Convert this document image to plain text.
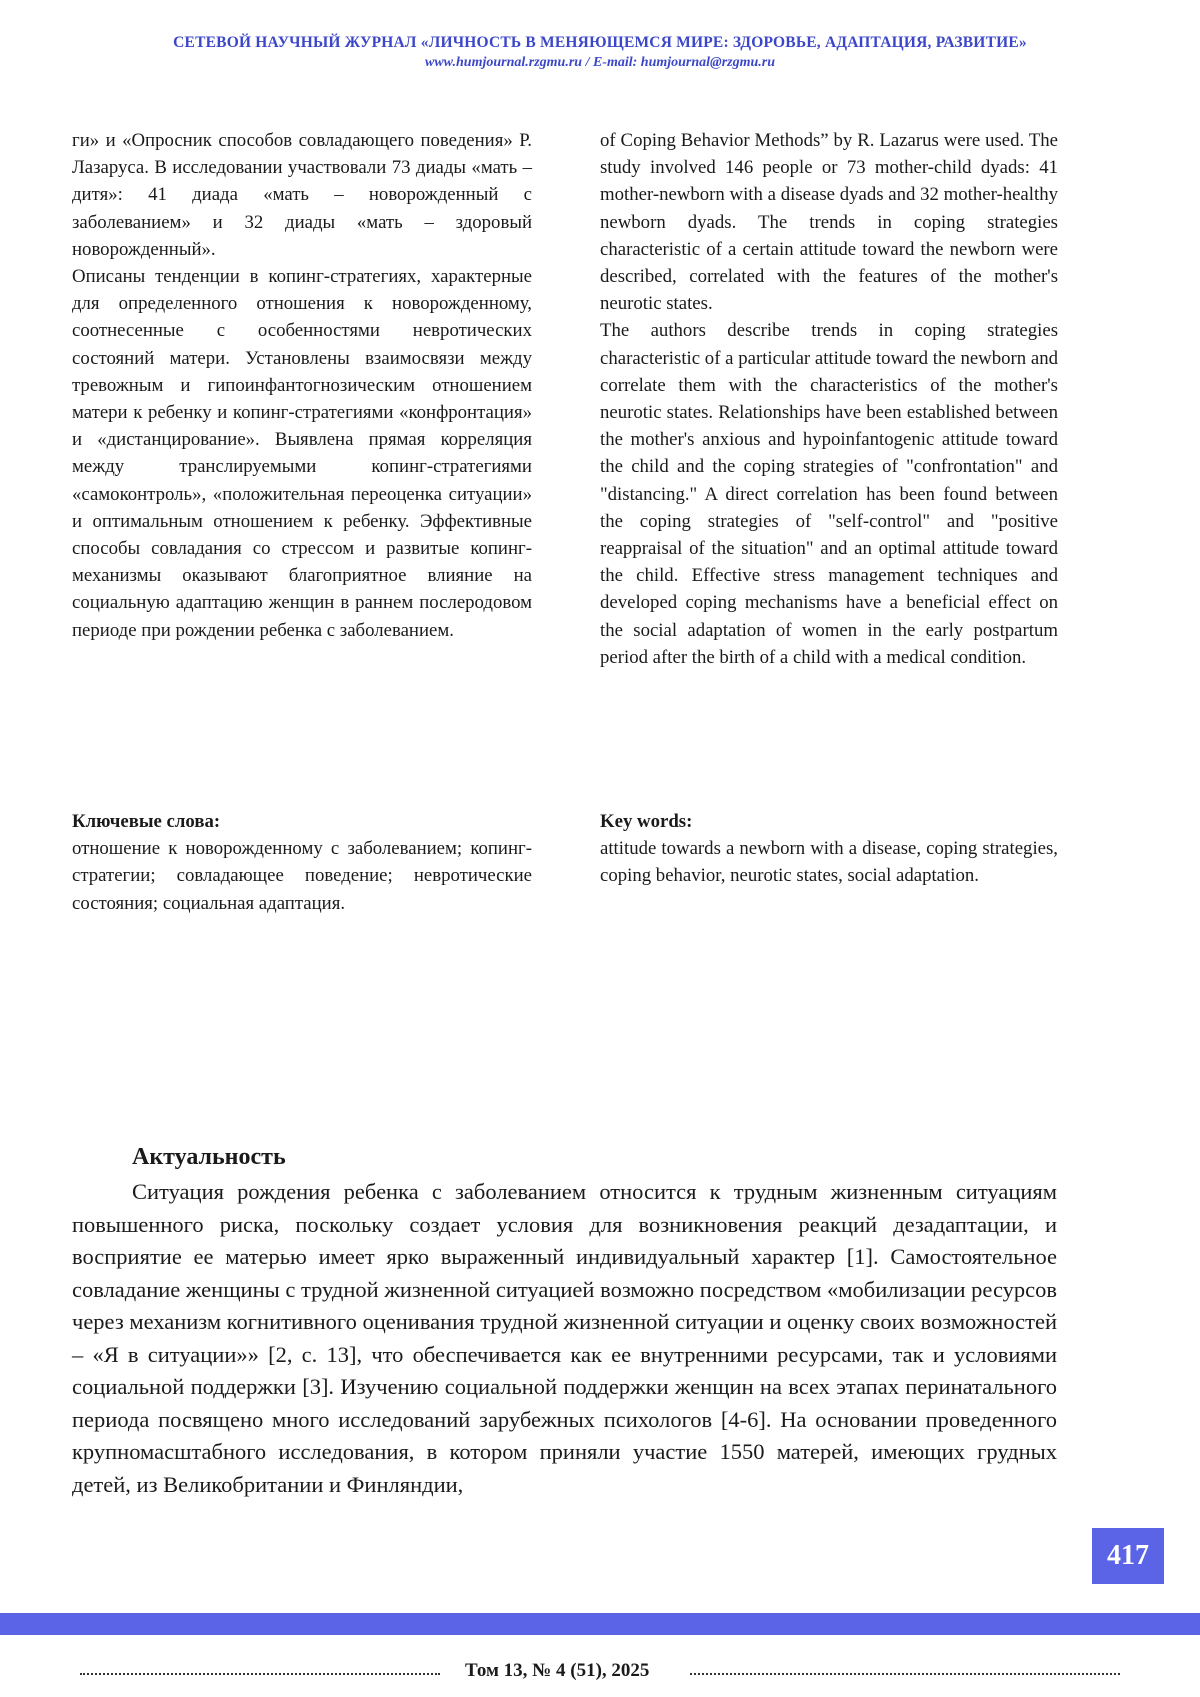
СЕТЕВОЙ НАУЧНЫЙ ЖУРНАЛ «ЛИЧНОСТЬ В МЕНЯЮЩЕМСЯ МИРЕ: ЗДОРОВЬЕ, АДАПТАЦИЯ, РАЗВИТИЕ»
www.humjournal.rzgmu.ru / E-mail: humjournal@rzgmu.ru

ги» и «Опросник способов совладающего поведения» Р. Лазаруса. В исследовании участвовали 73 диады «мать – дитя»: 41 диада «мать – новорожденный с заболеванием» и 32 диады «мать – здоровый новорожденный».

Описаны тенденции в копинг-стратегиях, характерные для определенного отношения к новорожденному, соотнесенные с особенностями невротических состояний матери. Установлены взаимосвязи между тревожным и гипоинфантогнозическим отношением матери к ребенку и копинг-стратегиями «конфронтация» и «дистанцирование». Выявлена прямая корреляция между транслируемыми копинг-стратегиями «самоконтроль», «положительная переоценка ситуации» и оптимальным отношением к ребенку. Эффективные способы совладания со стрессом и развитые копинг-механизмы оказывают благоприятное влияние на социальную адаптацию женщин в раннем послеродовом периоде при рождении ребенка с заболеванием.

of Coping Behavior Methods” by R. Lazarus were used. The study involved 146 people or 73 mother-child dyads: 41 mother-newborn with a disease dyads and 32 mother-healthy newborn dyads. The trends in coping strategies characteristic of a certain attitude toward the newborn were described, correlated with the features of the mother's neurotic states.

The authors describe trends in coping strategies characteristic of a particular attitude toward the newborn and correlate them with the characteristics of the mother's neurotic states. Relationships have been established between the mother's anxious and hypoinfantogenic attitude toward the child and the coping strategies of "confrontation" and "distancing." A direct correlation has been found between the coping strategies of "self-control" and "positive reappraisal of the situation" and an optimal attitude toward the child. Effective stress management techniques and developed coping mechanisms have a beneficial effect on the social adaptation of women in the early postpartum period after the birth of a child with a medical condition.

Ключевые слова:
отношение к новорожденному с заболеванием; копинг-стратегии; совладающее поведение; невротические состояния; социальная адаптация.
Key words:
attitude towards a newborn with a disease, coping strategies, coping behavior, neurotic states, social adaptation.
Актуальность

Ситуация рождения ребенка с заболеванием относится к трудным жизненным ситуациям повышенного риска, поскольку создает условия для возникновения реакций дезадаптации, и восприятие ее матерью имеет ярко выраженный индивидуальный характер [1]. Самостоятельное совладание женщины с трудной жизненной ситуацией возможно посредством «мобилизации ресурсов через механизм когнитивного оценивания трудной жизненной ситуации и оценку своих возможностей – «Я в ситуации»» [2, с. 13], что обеспечивается как ее внутренними ресурсами, так и условиями социальной поддержки [3]. Изучению социальной поддержки женщин на всех этапах перинатального периода посвящено много исследований зарубежных психологов [4-6]. На основании проведенного крупномасштабного исследования, в котором приняли участие 1550 матерей, имеющих грудных детей, из Великобритании и Финляндии,

417
Том 13, № 4 (51), 2025
